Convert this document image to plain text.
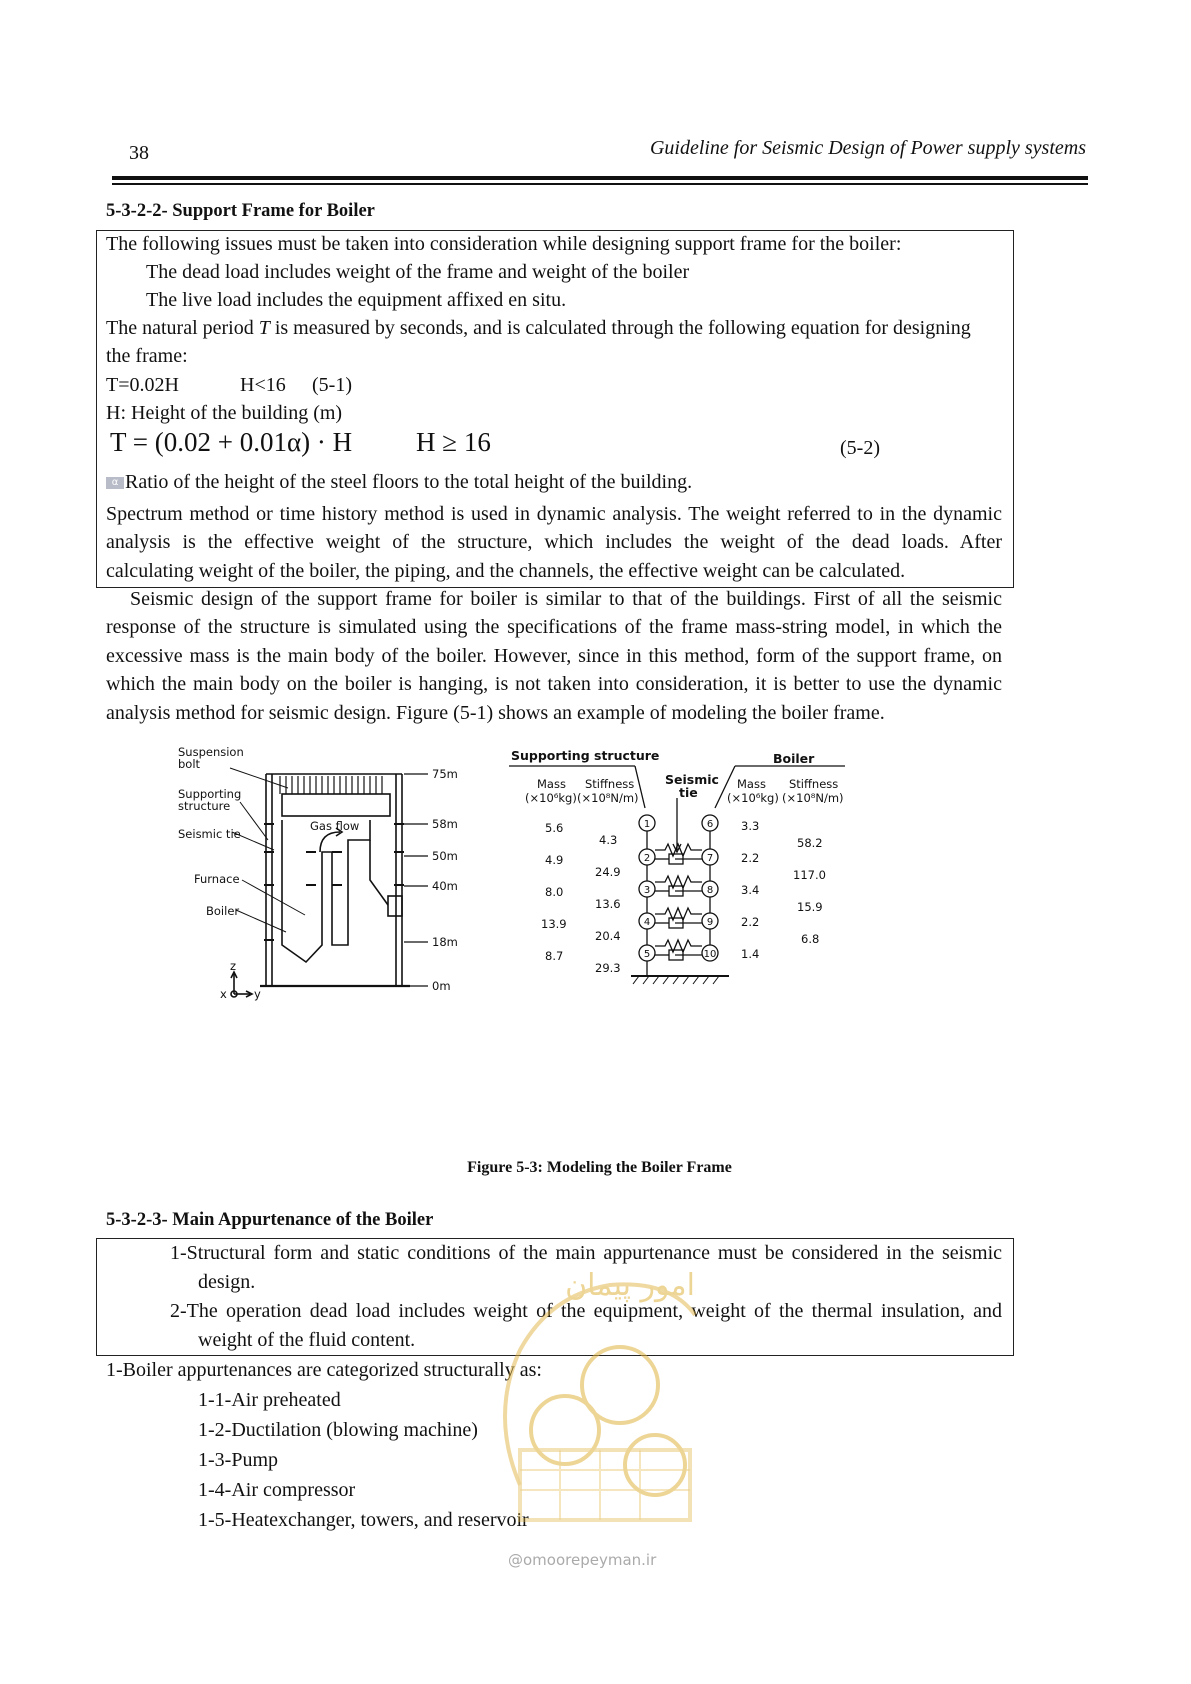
38	Guideline for Seismic Design of Power supply systems
5-3-2-2- Support Frame for Boiler
The following issues must be taken into consideration while designing support frame for the boiler:
The dead load includes weight of the frame and weight of the boiler
The live load includes the equipment affixed en situ.
The natural period T is measured by seconds, and is calculated through the following equation for designing
the frame:
T=0.02H	H<16 (5-1)
H: Height of the building (m)
T = (0.02 + 0.01α) · H H ≥ 16	(5-2)
α Ratio of the height of the steel floors to the total height of the building.
Spectrum method or time history method is used in dynamic analysis. The weight referred to in the dynamic
analysis is the effective weight of the structure, which includes the weight of the dead loads. After
calculating weight of the boiler, the piping, and the channels, the effective weight can be calculated.
Seismic design of the support frame for boiler is similar to that of the buildings. First of all the seismic
response of the structure is simulated using the specifications of the frame mass-string model, in which the
excessive mass is the main body of the boiler. However, since in this method, form of the support frame, on
which the main body on the boiler is hanging, is not taken into consideration, it is better to use the dynamic
analysis method for seismic design. Figure (5-1) shows an example of modeling the boiler frame.
Suspension
bolt
Supporting
structure
Seismic tie
Furnace
Boiler
Gas flow
75m
58m
50m
40m
18m
0m
z
x y
1
2
3
4
5
6
7
8
9
10
Supporting structure	Boiler
Seismic
tie
Mass Stiffness
(×10⁶kg) (×10⁸N/m)
Mass Stiffness
(×10⁶kg) (×10⁸N/m)
5.6
4.9
8.0
13.9
8.7
4.3
24.9
13.6
20.4
29.3
3.3
2.2
3.4
2.2
1.4
58.2
117.0
15.9
6.8
Figure 5-3: Modeling the Boiler Frame
5-3-2-3- Main Appurtenance of the Boiler
1-Structural form and static conditions of the main appurtenance must be considered in the seismic
design.
2-The operation dead load includes weight of the equipment, weight of the thermal insulation, and
weight of the fluid content.
1-Boiler appurtenances are categorized structurally as:
1-1-Air preheated
1-2-Ductilation (blowing machine)
1-3-Pump
1-4-Air compressor
1-5-Heatexchanger, towers, and reservoir
امور پیمان
@omoorepeyman.ir
